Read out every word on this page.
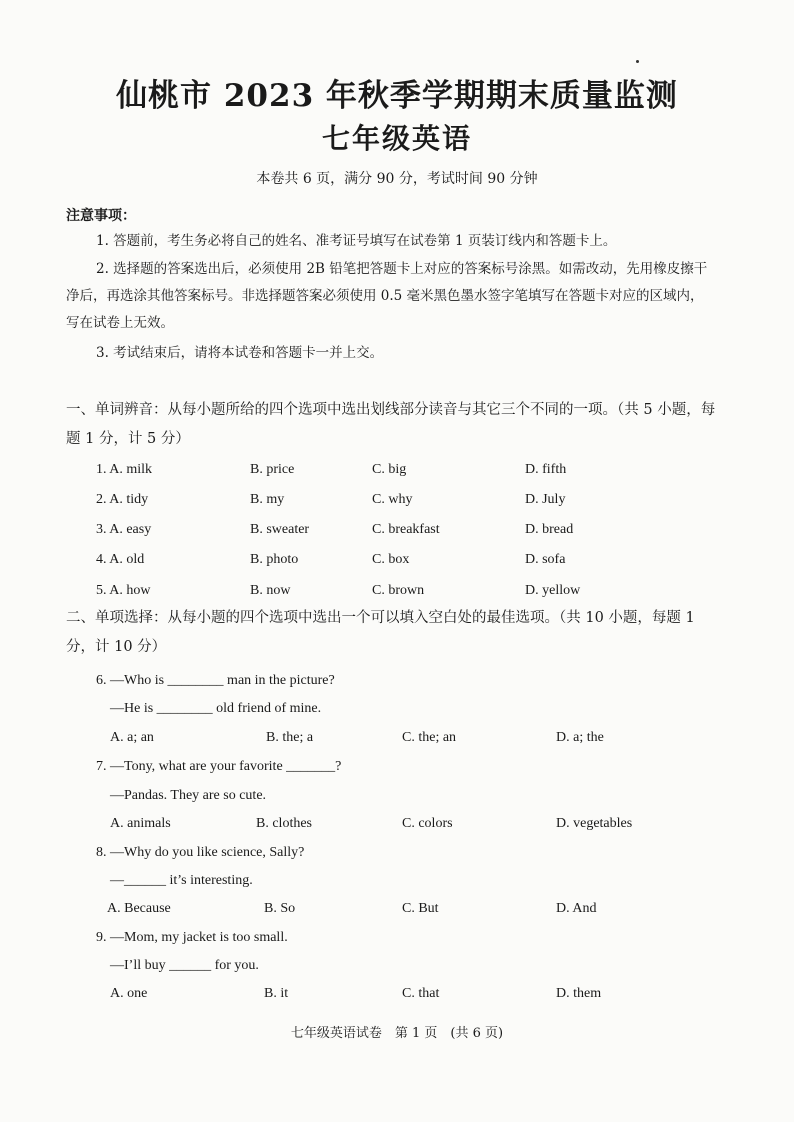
仙桃市 2023 年秋季学期期末质量监测
七年级英语
本卷共 6 页，满分 90 分，考试时间 90 分钟
注意事项：
1. 答题前，考生务必将自己的姓名、准考证号填写在试卷第 1 页装订线内和答题卡上。
2. 选择题的答案选出后，必须使用 2B 铅笔把答题卡上对应的答案标号涂黑。如需改动，先用橡皮擦干净后，再选涂其他答案标号。非选择题答案必须使用 0.5 毫米黑色墨水签字笔填写在答题卡对应的区域内，写在试卷上无效。
3. 考试结束后，请将本试卷和答题卡一并上交。
一、单词辨音：从每小题所给的四个选项中选出划线部分读音与其它三个不同的一项。（共 5 小题，每题 1 分，计 5 分）
1. A. milk	B. price	C. big	D. fifth
2. A. tidy	B. my	C. why	D. July
3. A. easy	B. sweater	C. breakfast	D. bread
4. A. old	B. photo	C. box	D. sofa
5. A. how	B. now	C. brown	D. yellow
二、单项选择：从每小题的四个选项中选出一个可以填入空白处的最佳选项。（共 10 小题，每题 1 分，计 10 分）
6. —Who is ________ man in the picture?
—He is ________ old friend of mine.
A. a; an	B. the; a	C. the; an	D. a; the
7. —Tony, what are your favorite _______?
—Pandas. They are so cute.
A. animals	B. clothes	C. colors	D. vegetables
8. —Why do you like science, Sally?
—______ it’s interesting.
A. Because	B. So	C. But	D. And
9. —Mom, my jacket is too small.
—I’ll buy ______ for you.
A. one	B. it	C. that	D. them
七年级英语试卷　第 1 页　(共 6 页)
